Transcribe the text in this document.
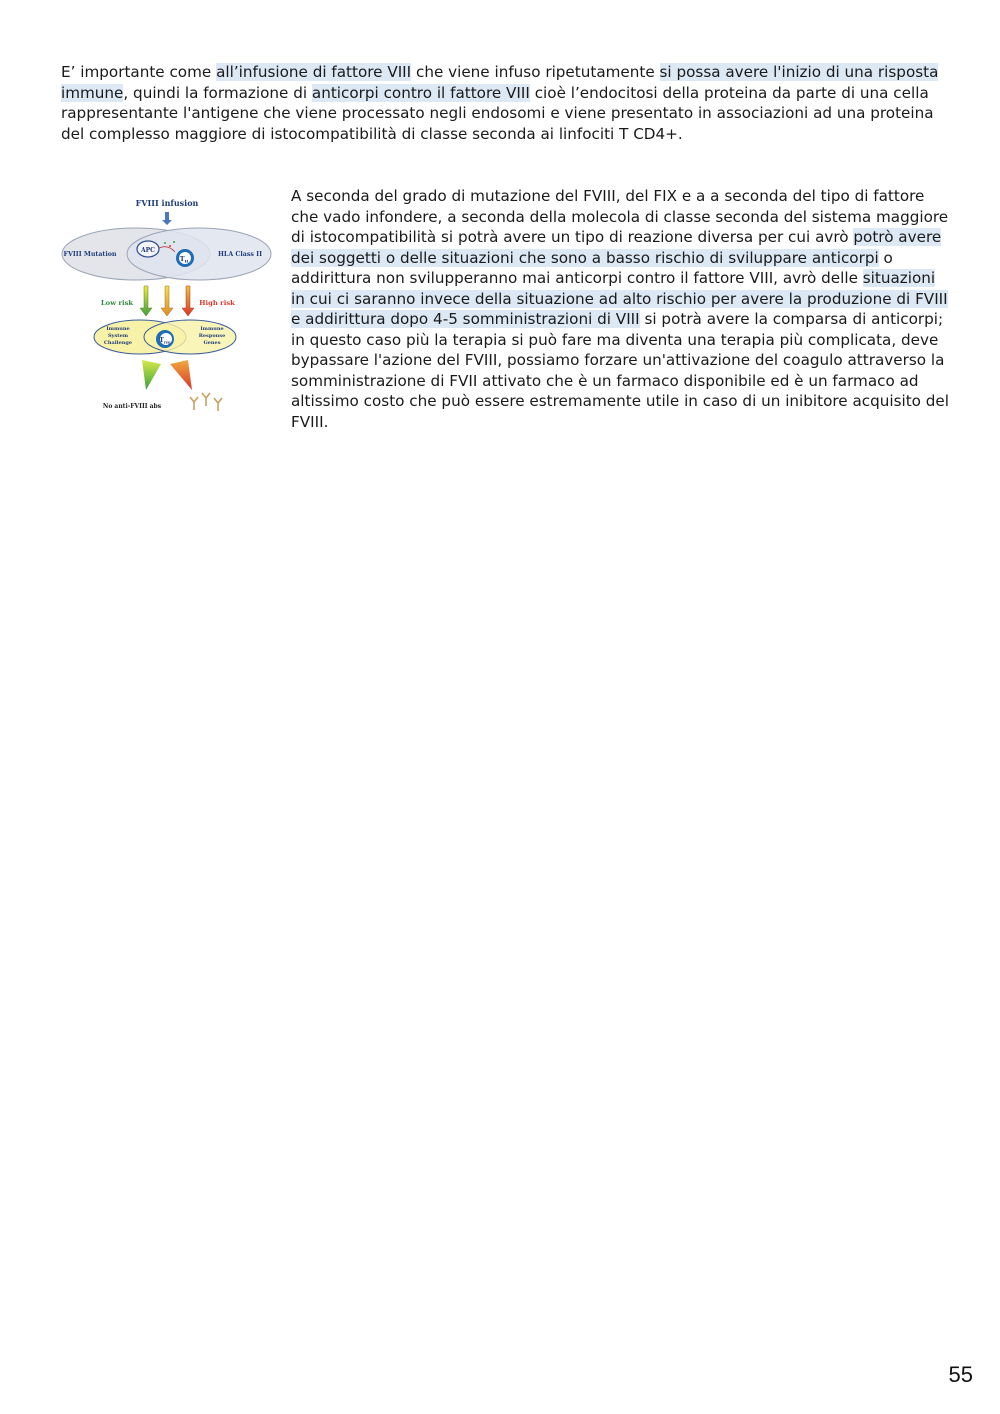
E’ importante come all’infusione di fattore VIII che viene infuso ripetutamente si possa avere l'inizio di una risposta immune, quindi la formazione di anticorpi contro il fattore VIII cioè l’endocitosi della proteina da parte di una cella rappresentante l'antigene che viene processato negli endosomi e viene presentato in associazioni ad una proteina del complesso maggiore di istocompatibilità di classe seconda ai linfociti T CD4+.

FVIII infusion
FVIII Mutation	HLA Class II
APC
$T_H$
Low risk	High risk
Immune
System
Challenge
Immune
Response
Genes
$T_{reg}$
No anti-FVIII abs

A seconda del grado di mutazione del FVIII, del FIX e a a seconda del tipo di fattore che vado infondere, a seconda della molecola di classe seconda del sistema maggiore di istocompatibilità si potrà avere un tipo di reazione diversa per cui avrò potrò avere dei soggetti o delle situazioni che sono a basso rischio di sviluppare anticorpi o addirittura non svilupperanno mai anticorpi contro il fattore VIII, avrò delle situazioni in cui ci saranno invece della situazione ad alto rischio per avere la produzione di FVIII e addirittura dopo 4-5 somministrazioni di VIII si potrà avere la comparsa di anticorpi; in questo caso più la terapia si può fare ma diventa una terapia più complicata, deve bypassare l'azione del FVIII, possiamo forzare un'attivazione del coagulo attraverso la somministrazione di FVII attivato che è un farmaco disponibile ed è un farmaco ad altissimo costo che può essere estremamente utile in caso di un inibitore acquisito del FVIII.

55
